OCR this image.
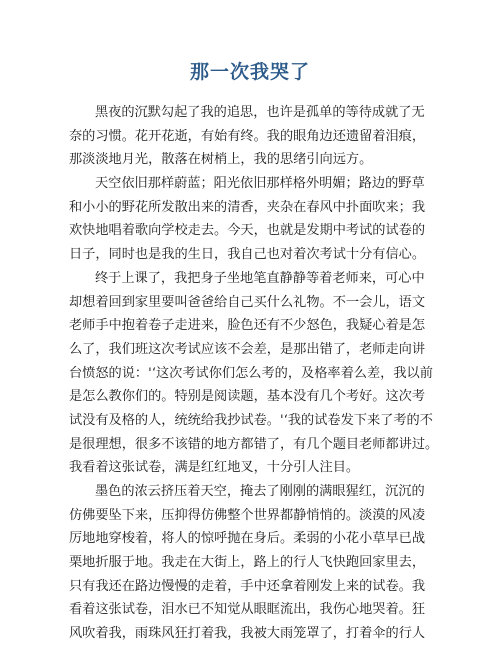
那一次我哭了
黑夜的沉默勾起了我的追思，也许是孤单的等待成就了无
奈的习惯。花开花逝，有始有终。我的眼角边还遗留着泪痕，
那淡淡地月光，散落在树梢上，我的思绪引向远方。
天空依旧那样蔚蓝；阳光依旧那样格外明媚；路边的野草
和小小的野花所发散出来的清香，夹杂在春风中扑面吹来；我
欢快地唱着歌向学校走去。今天，也就是发期中考试的试卷的
日子，同时也是我的生日，我自己也对着次考试十分有信心。
终于上课了，我把身子坐地笔直静静等着老师来，可心中
却想着回到家里要叫爸爸给自己买什么礼物。不一会儿，语文
老师手中抱着卷子走进来，脸色还有不少怒色，我疑心着是怎
么了，我们班这次考试应该不会差，是那出错了，老师走向讲
台愤怒的说：'‘这次考试你们怎么考的，及格率着么差，我以前
是怎么教你们的。特别是阅读题，基本没有几个考好。这次考
试没有及格的人，统统给我抄试卷。'‘我的试卷发下来了考的不
是很理想，很多不该错的地方都错了，有几个题目老师都讲过。
我看着这张试卷，满是红红地叉，十分引人注目。
墨色的浓云挤压着天空，掩去了刚刚的满眼猩红，沉沉的
仿佛要坠下来，压抑得仿佛整个世界都静悄悄的。淡漠的风凌
厉地地穿梭着，将人的惊呼抛在身后。柔弱的小花小草早已战
栗地折服于地。我走在大街上，路上的行人飞快跑回家里去，
只有我还在路边慢慢的走着，手中还拿着刚发上来的试卷。我
看着这张试卷，泪水已不知觉从眼眶流出，我伤心地哭着。狂
风吹着我，雨珠风狂打着我，我被大雨笼罩了，打着伞的行人
